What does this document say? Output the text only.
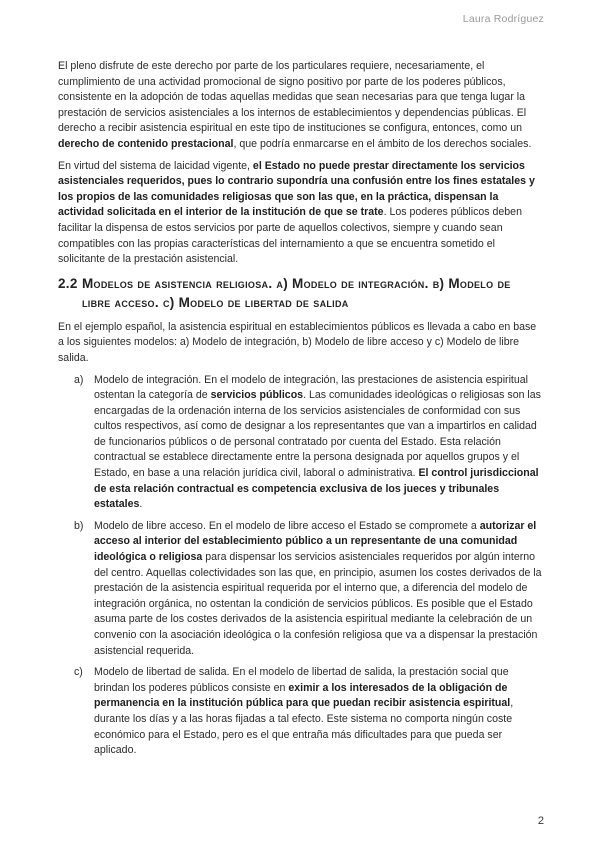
Laura Rodríguez

El pleno disfrute de este derecho por parte de los particulares requiere, necesariamente, el cumplimiento de una actividad promocional de signo positivo por parte de los poderes públicos, consistente en la adopción de todas aquellas medidas que sean necesarias para que tenga lugar la prestación de servicios asistenciales a los internos de establecimientos y dependencias públicas. El derecho a recibir asistencia espiritual en este tipo de instituciones se configura, entonces, como un derecho de contenido prestacional, que podría enmarcarse en el ámbito de los derechos sociales.

En virtud del sistema de laicidad vigente, el Estado no puede prestar directamente los servicios asistenciales requeridos, pues lo contrario supondría una confusión entre los fines estatales y los propios de las comunidades religiosas que son las que, en la práctica, dispensan la actividad solicitada en el interior de la institución de que se trate. Los poderes públicos deben facilitar la dispensa de estos servicios por parte de aquellos colectivos, siempre y cuando sean compatibles con las propias características del internamiento a que se encuentra sometido el solicitante de la prestación asistencial.

2.2 Modelos de asistencia religiosa. a) Modelo de integración. b) Modelo de
libre acceso. c) Modelo de libertad de salida

En el ejemplo español, la asistencia espiritual en establecimientos públicos es llevada a cabo en base a los siguientes modelos: a) Modelo de integración, b) Modelo de libre acceso y c) Modelo de libre salida.

a) Modelo de integración. En el modelo de integración, las prestaciones de asistencia espiritual ostentan la categoría de servicios públicos. Las comunidades ideológicas o religiosas son las encargadas de la ordenación interna de los servicios asistenciales de conformidad con sus cultos respectivos, así como de designar a los representantes que van a impartirlos en calidad de funcionarios públicos o de personal contratado por cuenta del Estado. Esta relación contractual se establece directamente entre la persona designada por aquellos grupos y el Estado, en base a una relación jurídica civil, laboral o administrativa. El control jurisdiccional de esta relación contractual es competencia exclusiva de los jueces y tribunales estatales.
b) Modelo de libre acceso. En el modelo de libre acceso el Estado se compromete a autorizar el acceso al interior del establecimiento público a un representante de una comunidad ideológica o religiosa para dispensar los servicios asistenciales requeridos por algún interno del centro. Aquellas colectividades son las que, en principio, asumen los costes derivados de la prestación de la asistencia espiritual requerida por el interno que, a diferencia del modelo de integración orgánica, no ostentan la condición de servicios públicos. Es posible que el Estado asuma parte de los costes derivados de la asistencia espiritual mediante la celebración de un convenio con la asociación ideológica o la confesión religiosa que va a dispensar la prestación asistencial requerida.
c) Modelo de libertad de salida. En el modelo de libertad de salida, la prestación social que brindan los poderes públicos consiste en eximir a los interesados de la obligación de permanencia en la institución pública para que puedan recibir asistencia espiritual, durante los días y a las horas fijadas a tal efecto. Este sistema no comporta ningún coste económico para el Estado, pero es el que entraña más dificultades para que pueda ser aplicado.
2
